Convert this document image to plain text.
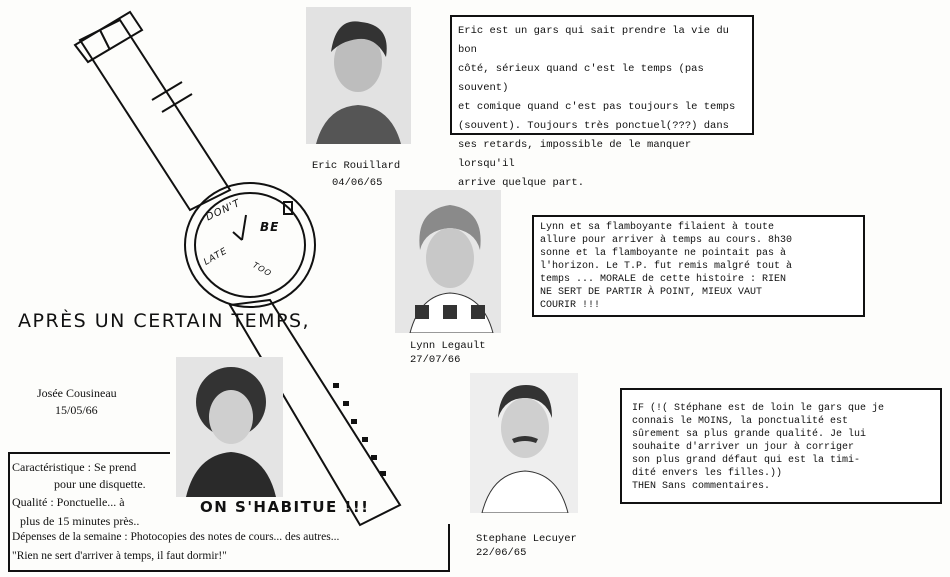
DON'T
BE
LATE
TOO
Eric Rouillard
04/06/65
Eric est un gars qui sait prendre la vie du bon
côté, sérieux quand c'est le temps (pas souvent)
et comique quand c'est pas toujours le temps
(souvent). Toujours très ponctuel(???) dans
ses retards, impossible de le manquer lorsqu'il
arrive quelque part.
Lynn Legault
27/07/66
Lynn et sa flamboyante filaient à toute
allure pour arriver à temps au cours. 8h30
sonne et la flamboyante ne pointait pas à
l'horizon. Le T.P. fut remis malgré tout à
temps ... MORALE de cette histoire : RIEN
NE SERT DE PARTIR À POINT, MIEUX VAUT
COURIR !!!
Stephane Lecuyer
22/06/65
IF (!( Stéphane est de loin le gars que je
connais le MOINS, la ponctualité est
sûrement sa plus grande qualité. Je lui
souhaite d'arriver un jour à corriger
son plus grand défaut qui est la timi-
dité envers les filles.))
THEN Sans commentaires.
APRÈS UN CERTAIN TEMPS,
Josée Cousineau
15/05/66
Caractéristique : Se prend
pour une disquette.
Qualité : Ponctuelle... à
plus de 15 minutes près..
Dépenses de la semaine : Photocopies des notes de cours... des autres...
"Rien ne sert d'arriver à temps, il faut dormir!"
ON S'HABITUE !!!
